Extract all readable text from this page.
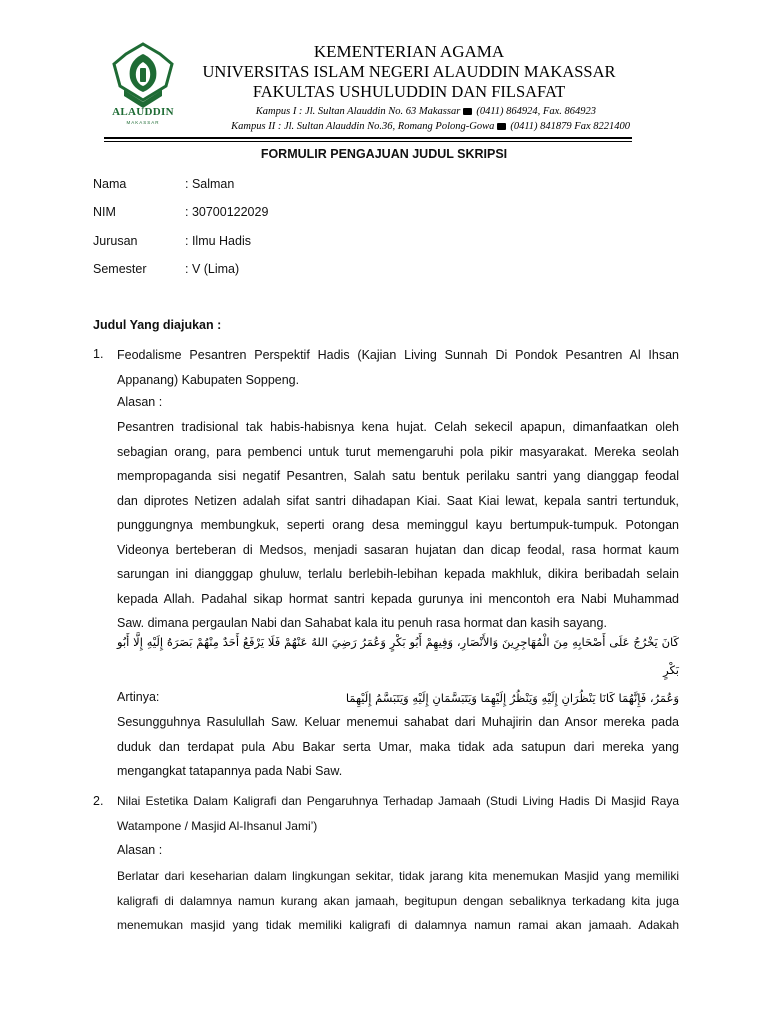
ALAUDDIN
MAKASSAR
KEMENTERIAN AGAMA
UNIVERSITAS ISLAM NEGERI ALAUDDIN MAKASSAR
FAKULTAS USHULUDDIN DAN FILSAFAT
Kampus I : Jl. Sultan Alauddin No. 63 Makassar (0411) 864924, Fax. 864923
Kampus II : Jl. Sultan Alauddin No.36, Romang Polong-Gowa (0411) 841879 Fax 8221400
FORMULIR PENGAJUAN JUDUL SKRIPSI
Nama	: Salman
NIM	: 30700122029
Jurusan	: Ilmu Hadis
Semester	: V (Lima)
Judul Yang diajukan :
1. Feodalisme Pesantren Perspektif Hadis (Kajian Living Sunnah Di Pondok Pesantren Al Ihsan
Appanang) Kabupaten Soppeng.
Alasan :
Pesantren tradisional tak habis-habisnya kena hujat. Celah sekecil apapun, dimanfaatkan oleh
sebagian orang, para pembenci untuk turut memengaruhi pola pikir masyarakat. Mereka seolah
mempropaganda sisi negatif Pesantren, Salah satu bentuk perilaku santri yang dianggap feodal
dan diprotes Netizen adalah sifat santri dihadapan Kiai. Saat Kiai lewat, kepala santri tertunduk,
punggungnya membungkuk, seperti orang desa meminggul kayu bertumpuk-tumpuk. Potongan
Videonya berteberan di Medsos, menjadi sasaran hujatan dan dicap feodal, rasa hormat kaum
sarungan ini diangggap ghuluw, terlalu berlebih-lebihan kepada makhluk, dikira beribadah selain
kepada Allah. Padahal sikap hormat santri kepada gurunya ini mencontoh era Nabi Muhammad
Saw. dimana pergaulan Nabi dan Sahabat kala itu penuh rasa hormat dan kasih sayang.
كَانَ يَخْرُجُ عَلَى أَصْحَابِهِ مِنَ الْمُهَاجِرِينَ وَالأَنْصَارِ، وَفِيهِمْ أَبُو بَكْرٍ وَعُمَرُ رَضِيَ اللهُ عَنْهُمْ فَلَا يَرْفَعُ أَحَدٌ مِنْهُمْ بَصَرَهُ إِلَيْهِ إِلَّا أَبُو بَكْرٍ
وَعُمَرُ، فَإِنَّهُمَا كَانَا يَنْظُرَانِ إِلَيْهِ وَيَنْظُرُ إِلَيْهِمَا وَيَتَبَسَّمَانِ إِلَيْهِ وَيَتَبَسَّمُ إِلَيْهِمَا
Artinya:
Sesungguhnya Rasulullah Saw. Keluar menemui sahabat dari Muhajirin dan Ansor mereka pada
duduk dan terdapat pula Abu Bakar serta Umar, maka tidak ada satupun dari mereka yang
mengangkat tatapannya pada Nabi Saw.
2. Nilai Estetika Dalam Kaligrafi dan Pengaruhnya Terhadap Jamaah (Studi Living Hadis Di Masjid Raya
Watampone / Masjid Al-Ihsanul Jami’)
Alasan :
Berlatar dari keseharian dalam lingkungan sekitar, tidak jarang kita menemukan Masjid yang memiliki
kaligrafi di dalamnya namun kurang akan jamaah, begitupun dengan sebaliknya terkadang kita juga
menemukan masjid yang tidak memiliki kaligrafi di dalamnya namun ramai akan jamaah. Adakah
